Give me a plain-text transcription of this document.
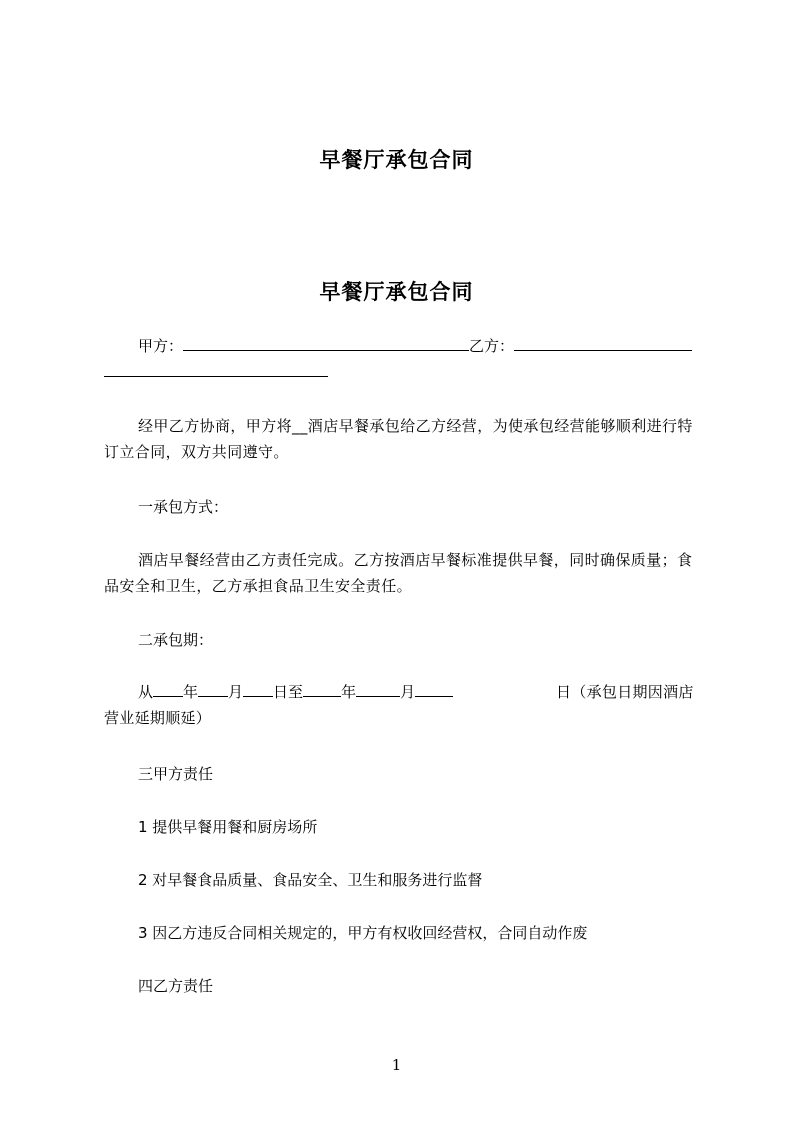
早餐厅承包合同
早餐厅承包合同
甲方：	乙方：
经甲乙方协商，甲方将__酒店早餐承包给乙方经营，为使承包经营能够顺利进行特订立合同，双方共同遵守。
一承包方式：
酒店早餐经营由乙方责任完成。乙方按酒店早餐标准提供早餐，同时确保质量；食品安全和卫生，乙方承担食品卫生安全责任。
二承包期：
从 年 月 日至	年	月	日（承包日期因酒店营业延期顺延）
三甲方责任
1 提供早餐用餐和厨房场所
2 对早餐食品质量、食品安全、卫生和服务进行监督
3 因乙方违反合同相关规定的，甲方有权收回经营权，合同自动作废
四乙方责任
1
